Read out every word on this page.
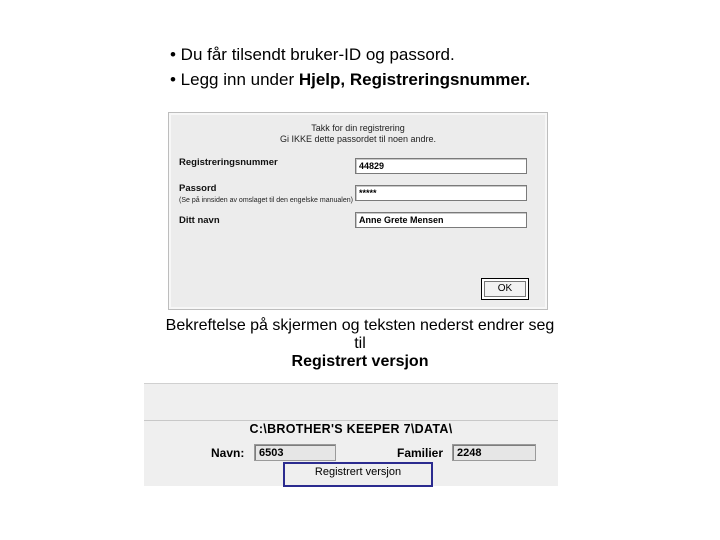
• Du får tilsendt bruker-ID og passord.
• Legg inn under Hjelp, Registreringsnummer.
Takk for din registrering
Gi IKKE dette passordet til noen andre.
Registreringsnummer
44829
Passord
(Se på innsiden av omslaget til den engelske manualen)
*****
Ditt navn
Anne Grete Mensen
OK
Bekreftelse på skjermen og teksten nederst endrer seg
til
Registrert versjon
C:\BROTHER'S KEEPER 7\DATA\
Navn:	6503	Familier	2248
Registrert versjon
